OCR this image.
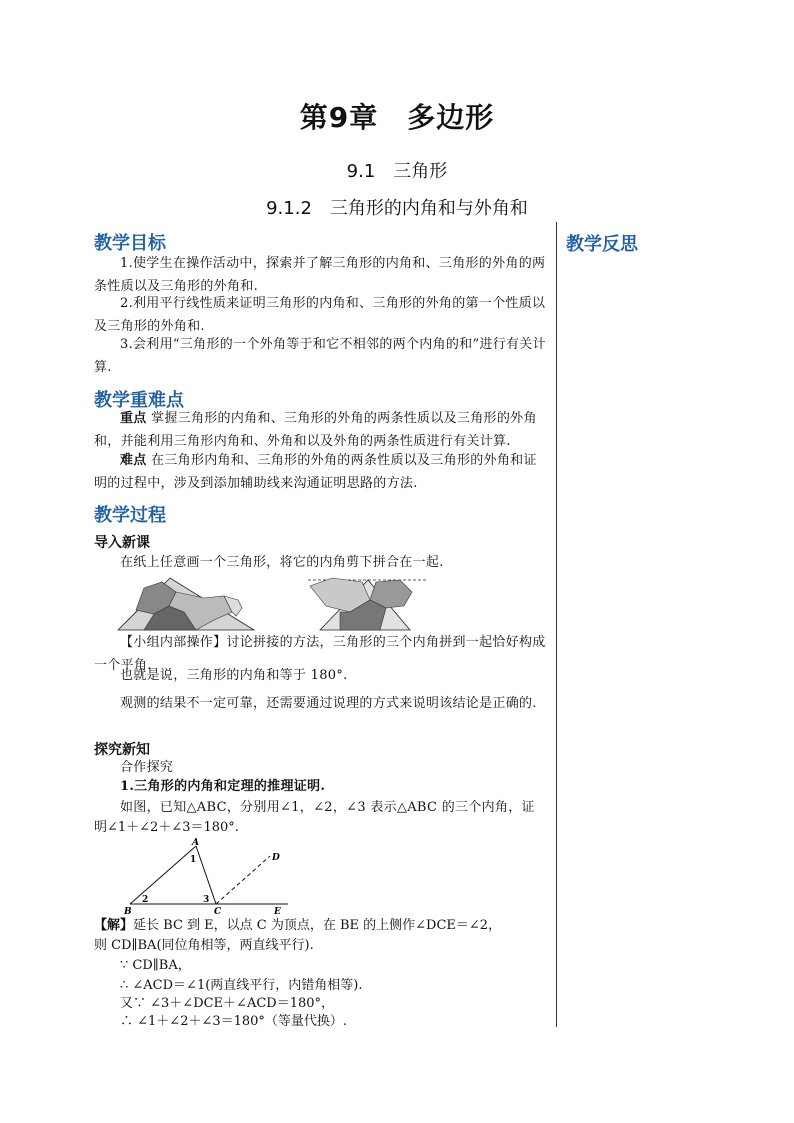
第9章　多边形
9.1　三角形
9.1.2　三角形的内角和与外角和
教学反思
教学目标
1.使学生在操作活动中，探索并了解三角形的内角和、三角形的外角的两条性质以及三角形的外角和.
2.利用平行线性质来证明三角形的内角和、三角形的外角的第一个性质以及三角形的外角和.
3.会利用“三角形的一个外角等于和它不相邻的两个内角的和”进行有关计算.
教学重难点
重点 掌握三角形的内角和、三角形的外角的两条性质以及三角形的外角和，并能利用三角形内角和、外角和以及外角的两条性质进行有关计算.
难点 在三角形内角和、三角形的外角的两条性质以及三角形的外角和证明的过程中，涉及到添加辅助线来沟通证明思路的方法.
教学过程
导入新课
在纸上任意画一个三角形，将它的内角剪下拼合在一起.
【小组内部操作】讨论拼接的方法，三角形的三个内角拼到一起恰好构成一个平角.
也就是说，三角形的内角和等于 180°.
观测的结果不一定可靠，还需要通过说理的方式来说明该结论是正确的.
探究新知
合作探究
1.三角形的内角和定理的推理证明.
如图，已知△ABC，分别用∠1，∠2，∠3 表示△ABC 的三个内角，证
明∠1＋∠2＋∠3＝180°.
A
B	C
D
E
1
2	3
【解】延长 BC 到 E，以点 C 为顶点，在 BE 的上侧作∠DCE＝∠2，
则 CD∥BA(同位角相等，两直线平行).
∵ CD∥BA，
∴ ∠ACD＝∠1(两直线平行，内错角相等).
又∵ ∠3＋∠DCE＋∠ACD＝180°，
∴ ∠1＋∠2＋∠3＝180°（等量代换）.
